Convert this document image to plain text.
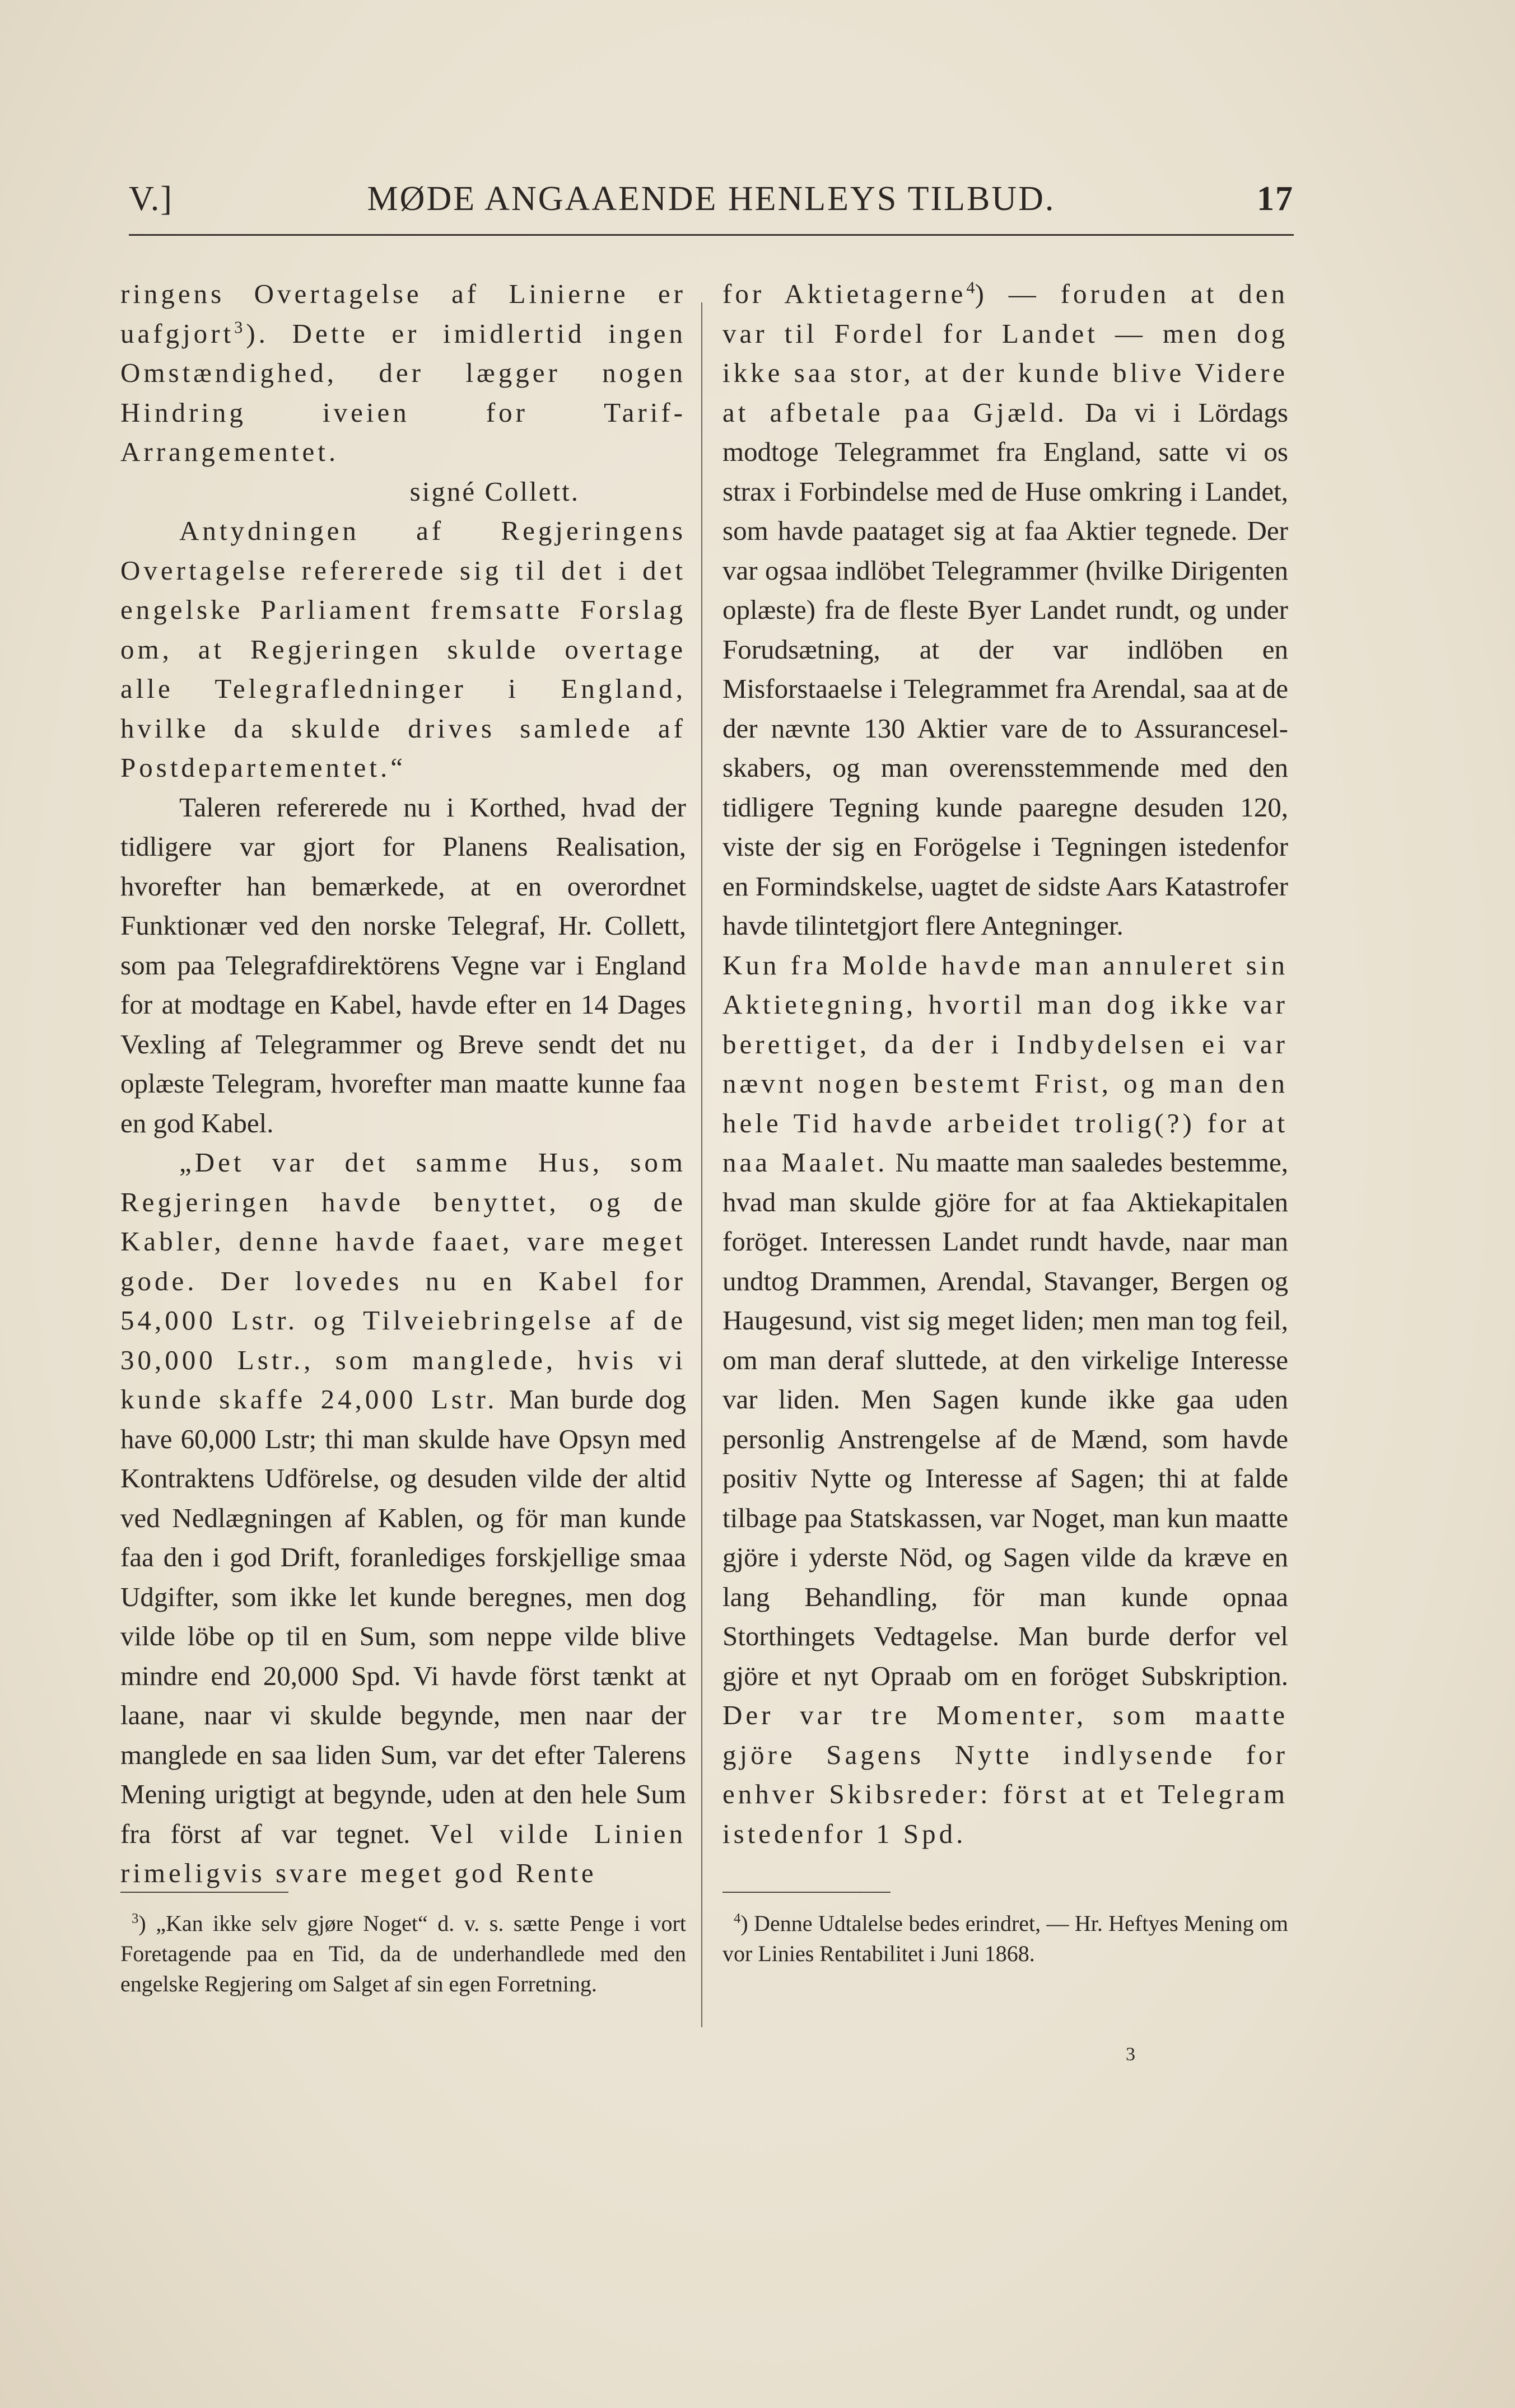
V.]	MØDE ANGAAENDE HENLEYS TILBUD.	17

ringens Overtagelse af Linierne er uafgjort$^3$). Dette er imidlertid ingen Omstændighed, der lægger nogen Hindring iveien for Tarif-Arrangementet.

signé Collett.

Antydningen af Regjeringens Overtagelse refererede sig til det i det engelske Parliament fremsatte Forslag om, at Regjeringen skulde overtage alle Telegrafledninger i England, hvilke da skulde drives samlede af Postdepartementet.“

Taleren refererede nu i Korthed, hvad der tidligere var gjort for Planens Realisation, hvorefter han bemærkede, at en overordnet Funktionær ved den norske Telegraf, Hr. Collett, som paa Telegrafdirektörens Vegne var i England for at modtage en Kabel, havde efter en 14 Dages Vexling af Telegrammer og Breve sendt det nu oplæste Telegram, hvorefter man maatte kunne faa en god Kabel.

„Det var det samme Hus, som Regjeringen havde benyttet, og de Kabler, denne havde faaet, vare meget gode. Der lovedes nu en Kabel for 54,000 Lstr. og Tilveiebringelse af de 30,000 Lstr., som manglede, hvis vi kunde skaffe 24,000 Lstr. Man burde dog have 60,000 Lstr; thi man skulde have Opsyn med Kontraktens Udförelse, og desuden vilde der altid ved Nedlægningen af Kablen, og för man kunde faa den i god Drift, foranlediges forskjellige smaa Udgifter, som ikke let kunde beregnes, men dog vilde löbe op til en Sum, som neppe vilde blive mindre end 20,000 Spd. Vi havde först tænkt at laane, naar vi skulde begynde, men naar der manglede en saa liden Sum, var det efter Talerens Mening urigtigt at begynde, uden at den hele Sum fra först af var tegnet. Vel vilde Linien rimeligvis svare meget god Rente

for Aktietagerne$^4$) — foruden at den var til Fordel for Landet — men dog ikke saa stor, at der kunde blive Videre at afbetale paa Gjæld. Da vi i Lördags modtoge Telegrammet fra England, satte vi os strax i Forbindelse med de Huse omkring i Landet, som havde paataget sig at faa Aktier tegnede. Der var ogsaa indlöbet Telegrammer (hvilke Dirigenten oplæste) fra de fleste Byer Landet rundt, og under Forudsætning, at der var indlöben en Misforstaaelse i Telegrammet fra Arendal, saa at de der nævnte 130 Aktier vare de to Assuranceselskabers, og man overensstemmende med den tidligere Tegning kunde paaregne desuden 120, viste der sig en Forögelse i Tegningen istedenfor en Formindskelse, uagtet de sidste Aars Katastrofer havde tilintetgjort flere Antegninger.

Kun fra Molde havde man annuleret sin Aktietegning, hvortil man dog ikke var berettiget, da der i Indbydelsen ei var nævnt nogen bestemt Frist, og man den hele Tid havde arbeidet trolig(?) for at naa Maalet. Nu maatte man saaledes bestemme, hvad man skulde gjöre for at faa Aktiekapitalen foröget. Interessen Landet rundt havde, naar man undtog Drammen, Arendal, Stavanger, Bergen og Haugesund, vist sig meget liden; men man tog feil, om man deraf sluttede, at den virkelige Interesse var liden. Men Sagen kunde ikke gaa uden personlig Anstrengelse af de Mænd, som havde positiv Nytte og Interesse af Sagen; thi at falde tilbage paa Statskassen, var Noget, man kun maatte gjöre i yderste Nöd, og Sagen vilde da kræve en lang Behandling, för man kunde opnaa Storthingets Vedtagelse. Man burde derfor vel gjöre et nyt Opraab om en foröget Subskription. Der var tre Momenter, som maatte gjöre Sagens Nytte indlysende for enhver Skibsreder: först at et Telegram istedenfor 1 Spd.

$^3$) „Kan ikke selv gjøre Noget“ d. v. s. sætte Penge i vort Foretagende paa en Tid, da de underhandlede med den engelske Regjering om Salget af sin egen Forretning.

$^4$) Denne Udtalelse bedes erindret, — Hr. Heftyes Mening om vor Linies Rentabilitet i Juni 1868.

3
